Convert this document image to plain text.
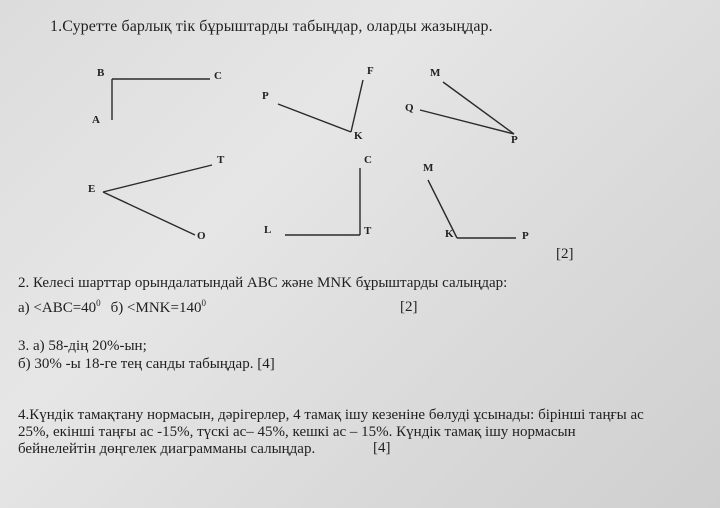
1.Суретте барлық тік бұрыштарды табыңдар, оларды жазыңдар.
B	C
A
F
P
K
M
Q
P
T
E
O
C
L	T
M
K	P
[2]
2. Келесі шарттар орындалатындай ABC және MNK бұрыштарды салыңдар:
$а) <ABC=40^0$ $б) <MNK=140^0$	[2]
3. а) 58-дің 20%-ын;
б) 30% -ы 18-ге тең санды табыңдар. [4]
4.Күндік тамақтану нормасын, дәрігерлер, 4 тамақ ішу кезеніне бөлуді ұсынады: бірінші таңғы ас
25%, екінші таңғы ас -15%, түскі ас– 45%, кешкі ас – 15%. Күндік тамақ ішу нормасын
бейнелейтін дөңгелек диаграмманы салыңдар.	[4]
